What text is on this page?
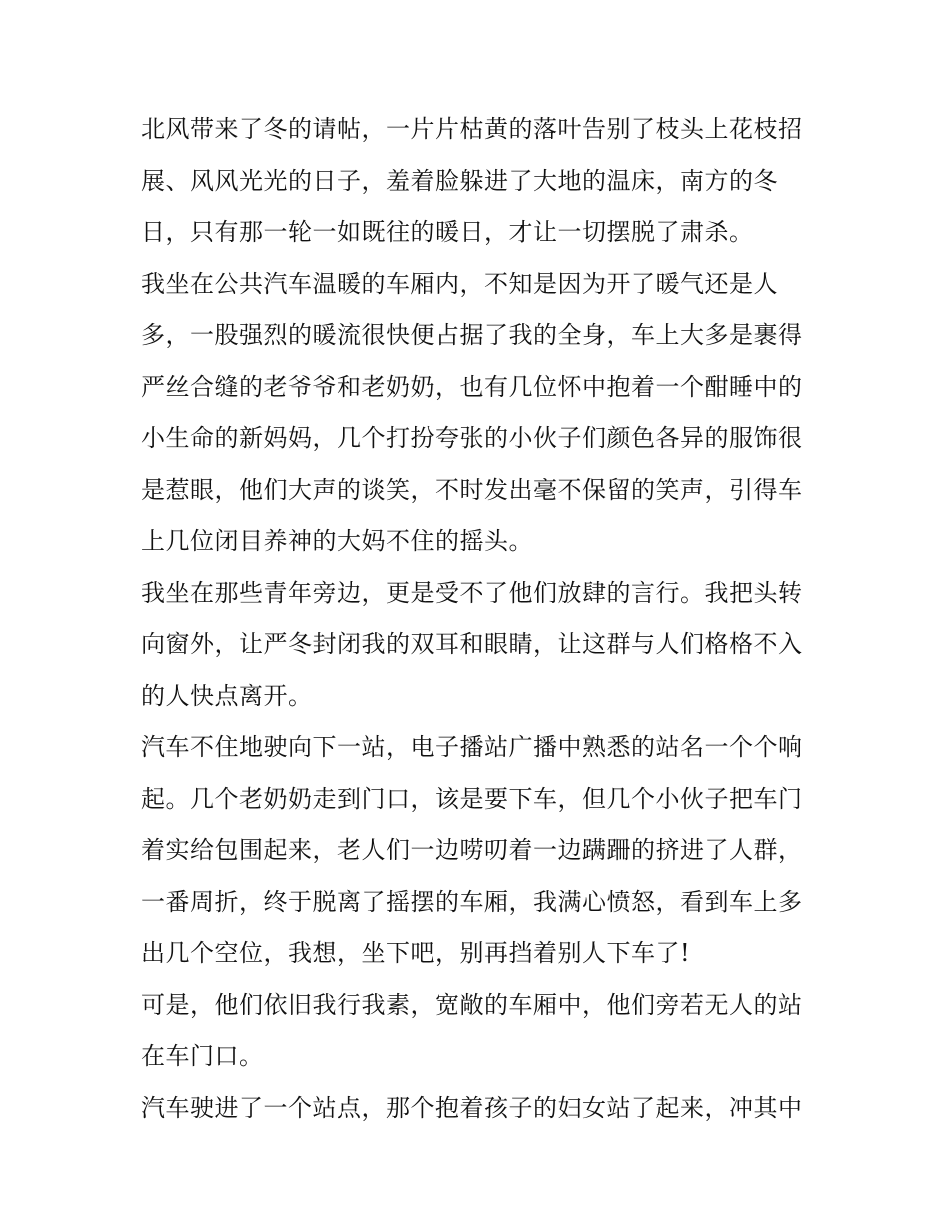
北风带来了冬的请帖，一片片枯黄的落叶告别了枝头上花枝招
展、风风光光的日子，羞着脸躲进了大地的温床，南方的冬
日，只有那一轮一如既往的暖日，才让一切摆脱了肃杀。
我坐在公共汽车温暖的车厢内，不知是因为开了暖气还是人
多，一股强烈的暖流很快便占据了我的全身，车上大多是裹得
严丝合缝的老爷爷和老奶奶，也有几位怀中抱着一个酣睡中的
小生命的新妈妈，几个打扮夸张的小伙子们颜色各异的服饰很
是惹眼，他们大声的谈笑，不时发出毫不保留的笑声，引得车
上几位闭目养神的大妈不住的摇头。
我坐在那些青年旁边，更是受不了他们放肆的言行。我把头转
向窗外，让严冬封闭我的双耳和眼睛，让这群与人们格格不入
的人快点离开。
汽车不住地驶向下一站，电子播站广播中熟悉的站名一个个响
起。几个老奶奶走到门口，该是要下车，但几个小伙子把车门
着实给包围起来，老人们一边唠叨着一边蹒跚的挤进了人群，
一番周折，终于脱离了摇摆的车厢，我满心愤怒，看到车上多
出几个空位，我想，坐下吧，别再挡着别人下车了!
可是，他们依旧我行我素，宽敞的车厢中，他们旁若无人的站
在车门口。
汽车驶进了一个站点，那个抱着孩子的妇女站了起来，冲其中
